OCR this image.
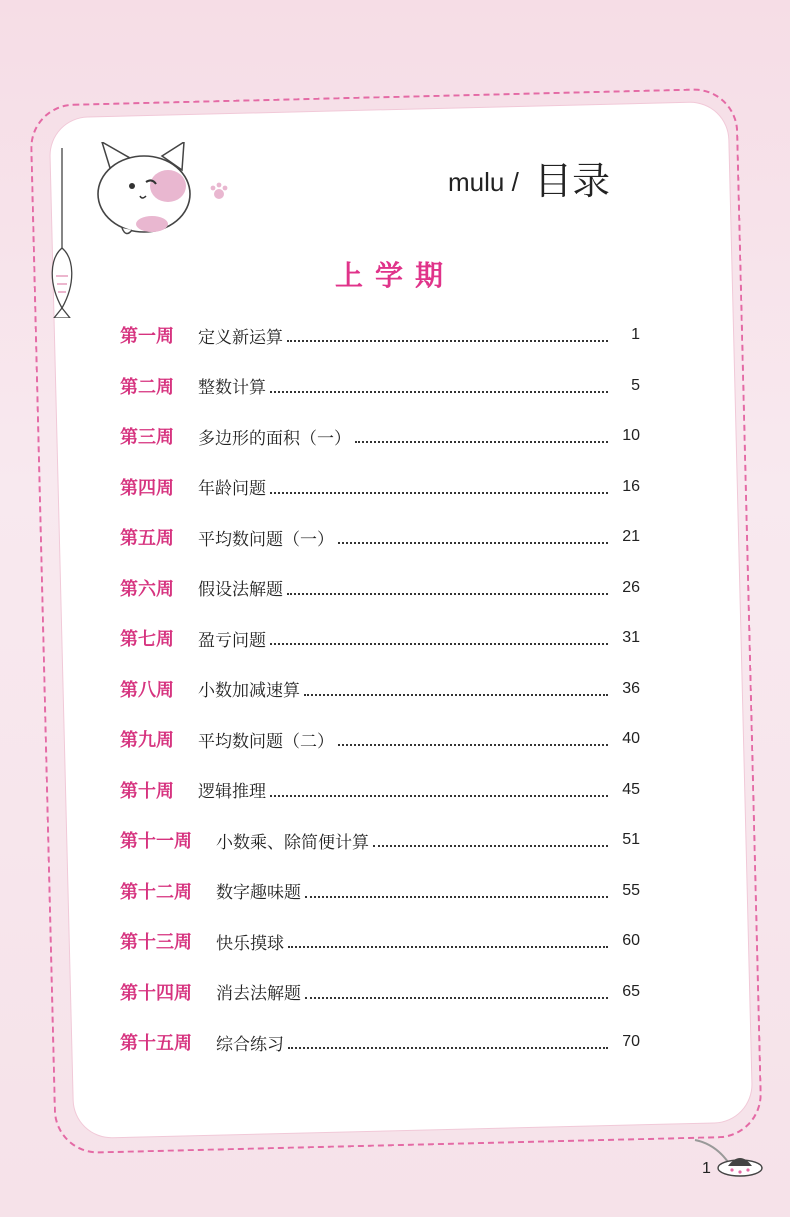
mulu / 目录
上学期
第一周 定义新运算	1
第二周 整数计算	5
第三周 多边形的面积（一）	10
第四周 年龄问题	16
第五周 平均数问题（一）	21
第六周 假设法解题	26
第七周 盈亏问题	31
第八周 小数加减速算	36
第九周 平均数问题（二）	40
第十周 逻辑推理	45
第十一周 小数乘、除简便计算	51
第十二周 数字趣味题	55
第十三周 快乐摸球	60
第十四周 消去法解题	65
第十五周 综合练习	70
1
